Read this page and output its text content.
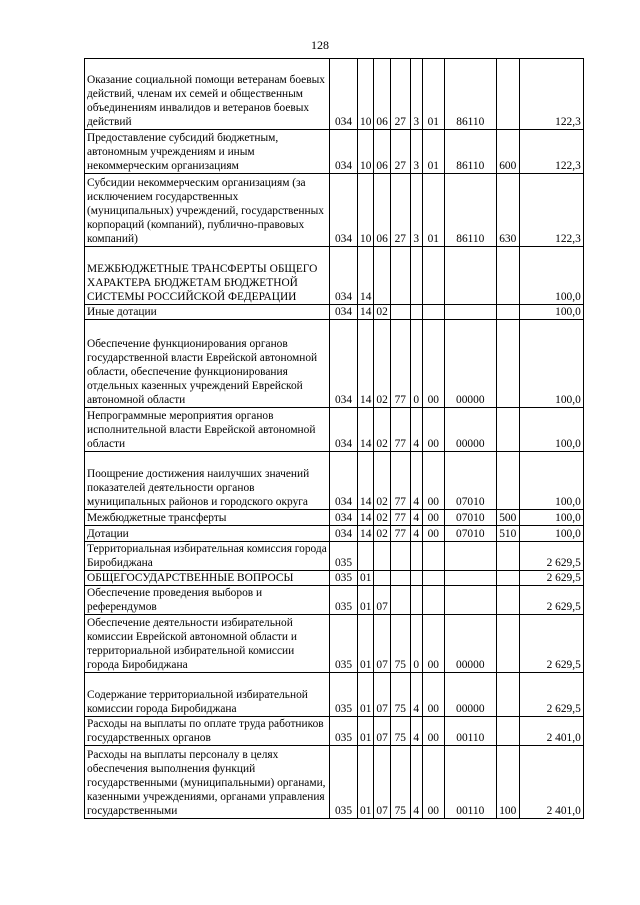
128
Оказание социальной помощи ветеранам боевых действий, членам их семей и общественным объединениям инвалидов и ветеранов боевых действий	034	10	06	27	3	01	86110		122,3
Предоставление субсидий бюджетным, автономным учреждениям и иным некоммерческим организациям	034	10	06	27	3	01	86110	600	122,3
Субсидии некоммерческим организациям (за исключением государственных (муниципальных) учреждений, государственных корпораций (компаний), публично-правовых компаний)	034	10	06	27	3	01	86110	630	122,3
МЕЖБЮДЖЕТНЫЕ ТРАНСФЕРТЫ ОБЩЕГО ХАРАКТЕРА БЮДЖЕТАМ БЮДЖЕТНОЙ СИСТЕМЫ РОССИЙСКОЙ ФЕДЕРАЦИИ	034	14							100,0
Иные дотации	034	14	02						100,0
Обеспечение функционирования органов государственной власти Еврейской автономной области, обеспечение функционирования отдельных казенных учреждений Еврейской автономной области	034	14	02	77	0	00	00000		100,0
Непрограммные мероприятия органов исполнительной власти Еврейской автономной области	034	14	02	77	4	00	00000		100,0
Поощрение достижения наилучших значений показателей деятельности органов муниципальных районов и городского округа	034	14	02	77	4	00	07010		100,0
Межбюджетные трансферты	034	14	02	77	4	00	07010	500	100,0
Дотации	034	14	02	77	4	00	07010	510	100,0
Территориальная избирательная комиссия города Биробиджана	035								2 629,5
ОБЩЕГОСУДАРСТВЕННЫЕ ВОПРОСЫ	035	01							2 629,5
Обеспечение проведения выборов и референдумов	035	01	07						2 629,5
Обеспечение деятельности избирательной комиссии Еврейской автономной области и территориальной избирательной комиссии города Биробиджана	035	01	07	75	0	00	00000		2 629,5
Содержание территориальной избирательной комиссии города Биробиджана	035	01	07	75	4	00	00000		2 629,5
Расходы на выплаты по оплате труда работников государственных органов	035	01	07	75	4	00	00110		2 401,0
Расходы на выплаты персоналу в целях обеспечения выполнения функций государственными (муниципальными) органами, казенными учреждениями, органами управления государственными	035	01	07	75	4	00	00110	100	2 401,0
